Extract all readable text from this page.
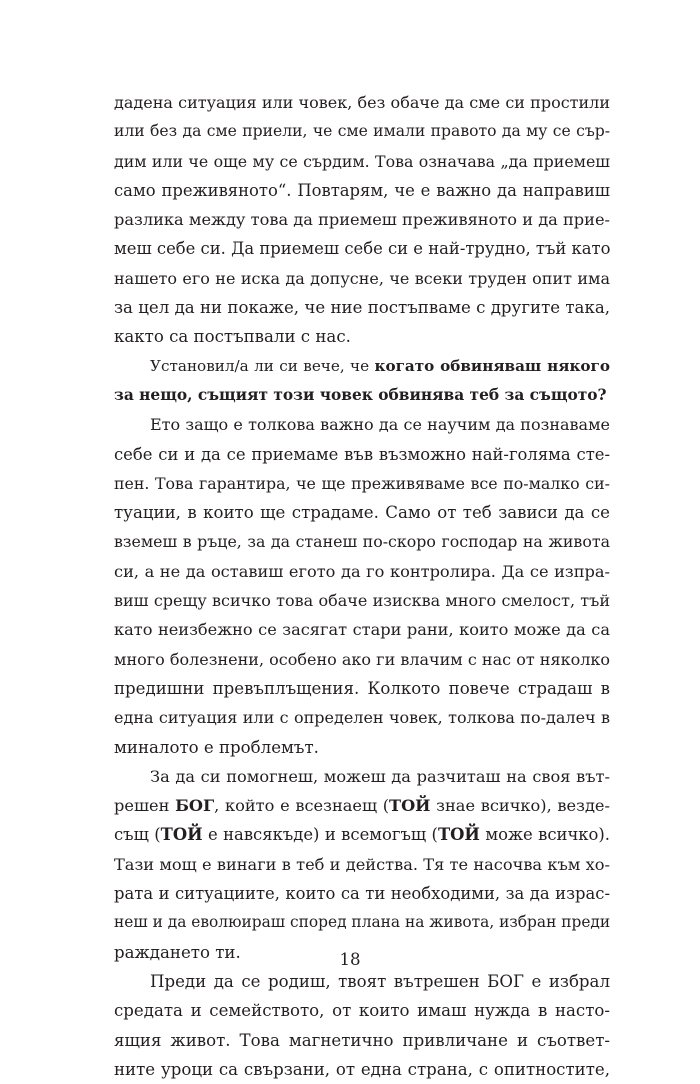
дадена ситуация или човек, без обаче да сме си простили
или без да сме приели, че сме имали правото да му се сър-
дим или че още му се сърдим. Това означава „да приемеш
само преживяното“. Повтарям, че е важно да направиш
разлика между това да приемеш преживяното и да прие-
меш себе си. Да приемеш себе си е най-трудно, тъй като
нашето его не иска да допусне, че всеки труден опит има
за цел да ни покаже, че ние постъпваме с другите така,
както са постъпвали с нас.
Установил/а ли си вече, че когато обвиняваш някого
за нещо, същият този човек обвинява теб за същото?
Ето защо е толкова важно да се научим да познаваме
себе си и да се приемаме във възможно най-голяма сте-
пен. Това гарантира, че ще преживяваме все по-малко си-
туации, в които ще страдаме. Само от теб зависи да се
вземеш в ръце, за да станеш по-скоро господар на живота
си, а не да оставиш егото да го контролира. Да се изпра-
виш срещу всичко това обаче изисква много смелост, тъй
като неизбежно се засягат стари рани, които може да са
много болезнени, особено ако ги влачим с нас от няколко
предишни превъплъщения. Колкото повече страдаш в
една ситуация или с определен човек, толкова по-далеч в
миналото е проблемът.
За да си помогнеш, можеш да разчиташ на своя вът-
решен БОГ, който е всезнаещ (ТОЙ знае всичко), везде-
същ (ТОЙ е навсякъде) и всемогъщ (ТОЙ може всичко).
Тази мощ е винаги в теб и действа. Тя те насочва към хо-
рата и ситуациите, които са ти необходими, за да израс-
неш и да еволюираш според плана на живота, избран преди
раждането ти.
Преди да се родиш, твоят вътрешен БОГ е избрал
средата и семейството, от които имаш нужда в насто-
ящия живот. Това магнетично привличане и съответ-
ните уроци са свързани, от една страна, с опитностите,
18
